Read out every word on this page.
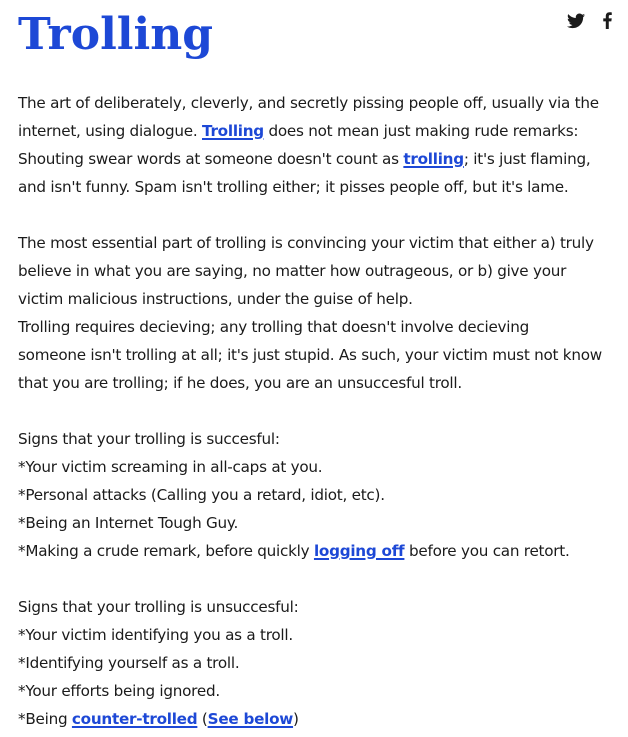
Trolling
The art of deliberately, cleverly, and secretly pissing people off, usually via the
internet, using dialogue. Trolling does not mean just making rude remarks:
Shouting swear words at someone doesn't count as trolling; it's just flaming,
and isn't funny. Spam isn't trolling either; it pisses people off, but it's lame.
The most essential part of trolling is convincing your victim that either a) truly
believe in what you are saying, no matter how outrageous, or b) give your
victim malicious instructions, under the guise of help.
Trolling requires decieving; any trolling that doesn't involve decieving
someone isn't trolling at all; it's just stupid. As such, your victim must not know
that you are trolling; if he does, you are an unsuccesful troll.
Signs that your trolling is succesful:
*Your victim screaming in all-caps at you.
*Personal attacks (Calling you a retard, idiot, etc).
*Being an Internet Tough Guy.
*Making a crude remark, before quickly logging off before you can retort.
Signs that your trolling is unsuccesful:
*Your victim identifying you as a troll.
*Identifying yourself as a troll.
*Your efforts being ignored.
*Being counter-trolled (See below)
